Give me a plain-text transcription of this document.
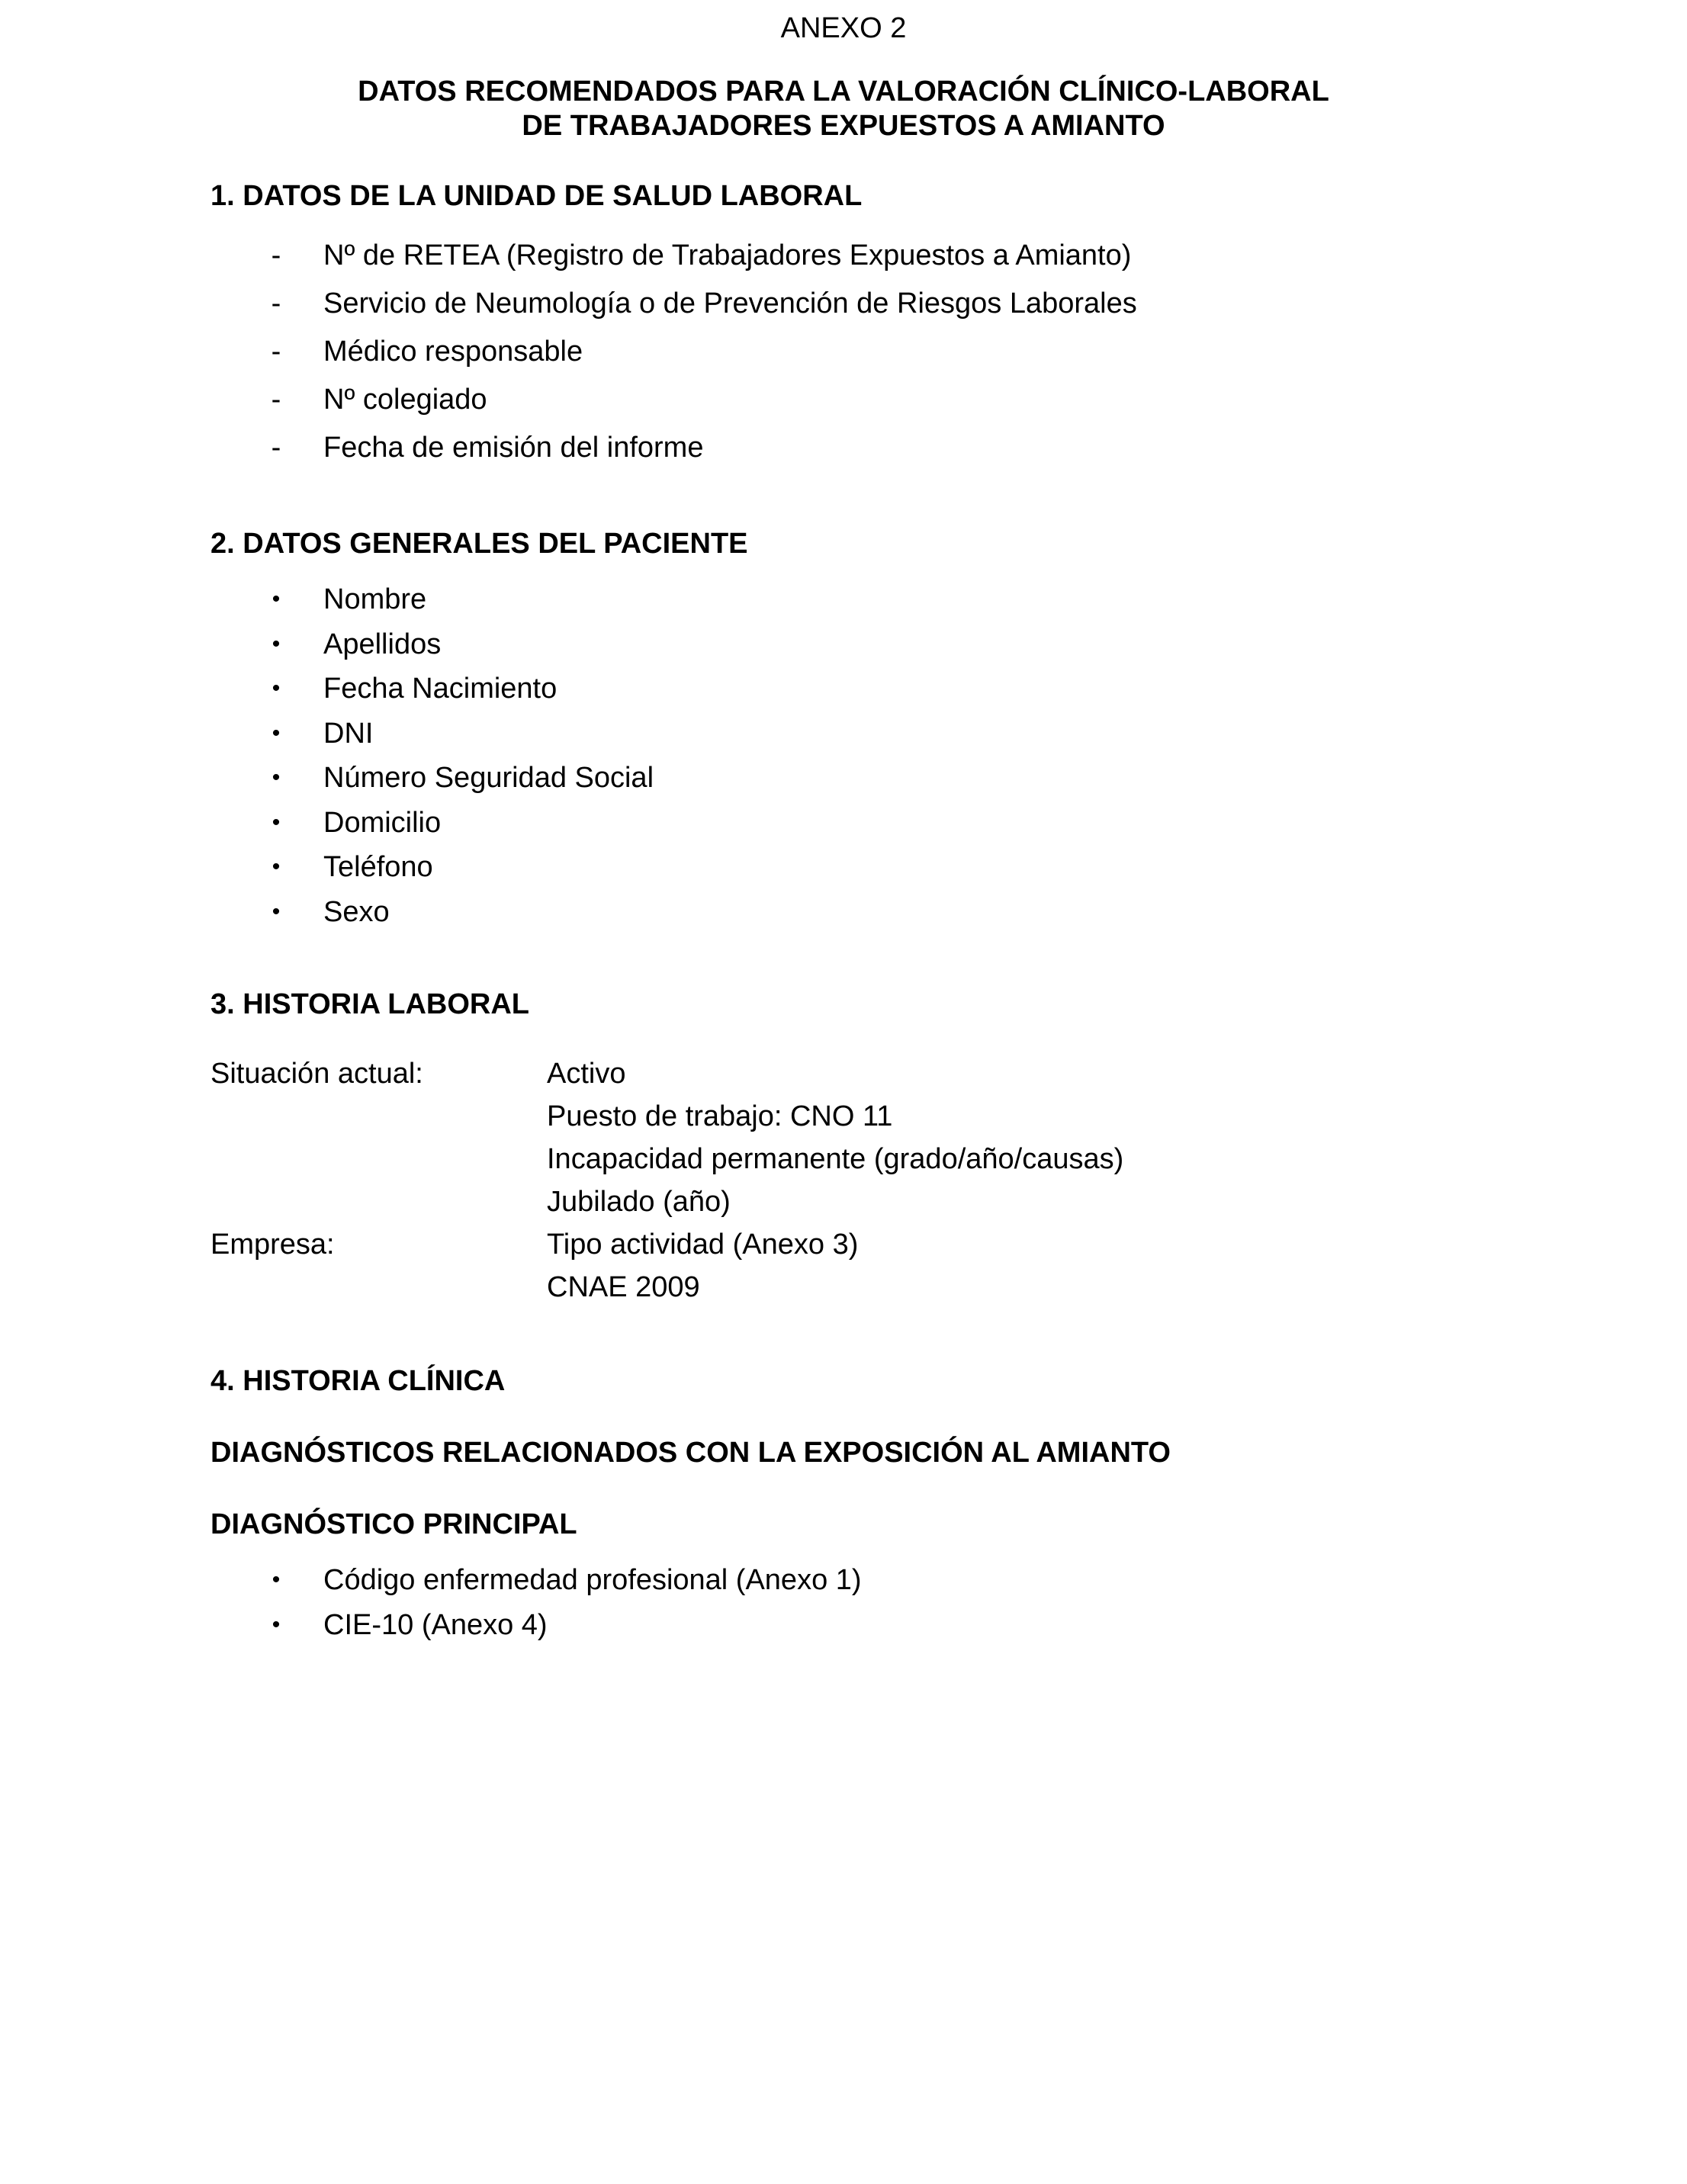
ANEXO 2
DATOS RECOMENDADOS PARA LA VALORACIÓN CLÍNICO-LABORAL
DE TRABAJADORES EXPUESTOS A AMIANTO
1. DATOS DE LA UNIDAD DE SALUD LABORAL
- Nº de RETEA (Registro de Trabajadores Expuestos a Amianto)
- Servicio de Neumología o de Prevención de Riesgos Laborales
- Médico responsable
- Nº colegiado
- Fecha de emisión del informe
2. DATOS GENERALES DEL PACIENTE
• Nombre
• Apellidos
• Fecha Nacimiento
• DNI
• Número Seguridad Social
• Domicilio
• Teléfono
• Sexo
3. HISTORIA LABORAL
Situación actual:	Activo
Puesto de trabajo: CNO 11
Incapacidad permanente (grado/año/causas)
Jubilado (año)
Empresa:	Tipo actividad (Anexo 3)
CNAE 2009
4. HISTORIA CLÍNICA
DIAGNÓSTICOS RELACIONADOS CON LA EXPOSICIÓN AL AMIANTO
DIAGNÓSTICO PRINCIPAL
• Código enfermedad profesional (Anexo 1)
• CIE-10 (Anexo 4)
